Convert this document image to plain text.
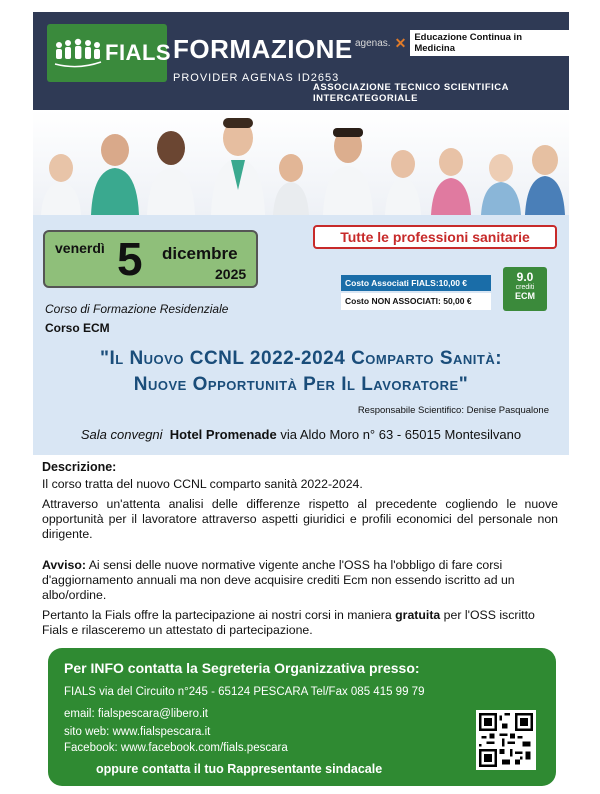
FIALS FORMAZIONE
PROVIDER AGENAS ID2653
agenas. ✕ Educazione Continua in Medicina
ASSOCIAZIONE TECNICO SCIENTIFICA INTERCATEGORIALE
venerdì 5 dicembre
2025
Tutte le professioni sanitarie
Costo Associati FIALS:10,00 €
Costo NON ASSOCIATI: 50,00 €
9.0
crediti
ECM
Corso di Formazione Residenziale
Corso ECM
"Il Nuovo CCNL 2022-2024 Comparto Sanità:
Nuove Opportunità Per Il Lavoratore"
Responsabile Scientifico: Denise Pasqualone
Sala convegni Hotel Promenade via Aldo Moro n° 63 - 65015 Montesilvano
Descrizione:
Il corso tratta del nuovo CCNL comparto sanità 2022-2024.
Attraverso un'attenta analisi delle differenze rispetto al precedente cogliendo le nuove opportunità per il lavoratore attraverso aspetti giuridici e profili economici del personale non dirigente.
Avviso: Ai sensi delle nuove normative vigente anche l'OSS ha l'obbligo di fare corsi d'aggiornamento annuali ma non deve acquisire crediti Ecm non essendo iscritto ad un albo/ordine.
Pertanto la Fials offre la partecipazione ai nostri corsi in maniera gratuita per l'OSS iscritto Fials e rilasceremo un attestato di partecipazione.
Per INFO contatta la Segreteria Organizzativa presso:
FIALS via del Circuito n°245 - 65124 PESCARA Tel/Fax 085 415 99 79
email: fialspescara@libero.it
sito web: www.fialspescara.it
Facebook: www.facebook.com/fials.pescara
oppure contatta il tuo Rappresentante sindacale
